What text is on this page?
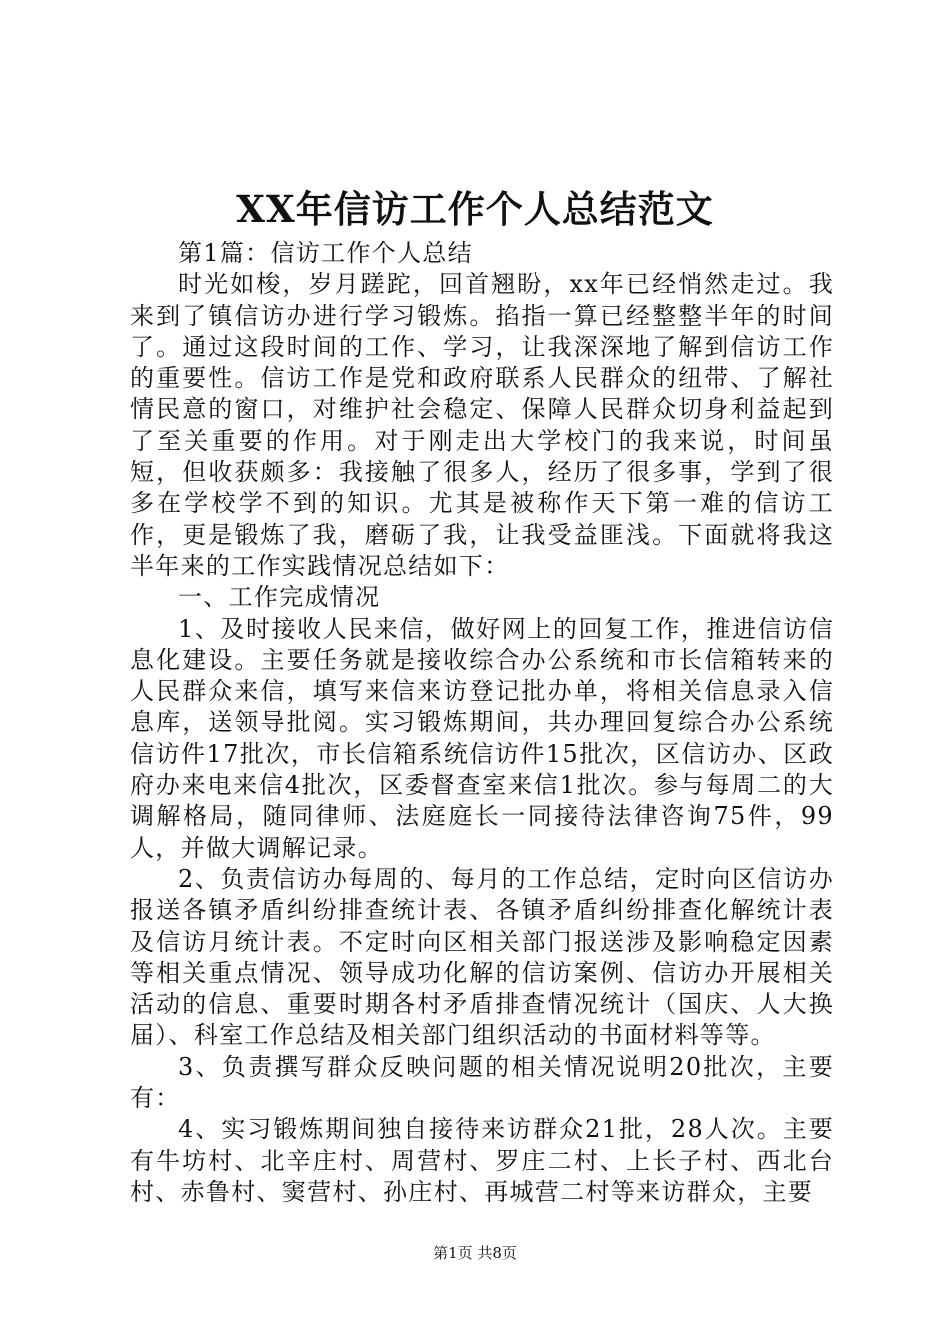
XX年信访工作个人总结范文

第1篇：信访工作个人总结

时光如梭，岁月蹉跎，回首翘盼，xx年已经悄然走过。我来到了镇信访办进行学习锻炼。掐指一算已经整整半年的时间了。通过这段时间的工作、学习，让我深深地了解到信访工作的重要性。信访工作是党和政府联系人民群众的纽带、了解社情民意的窗口，对维护社会稳定、保障人民群众切身利益起到了至关重要的作用。对于刚走出大学校门的我来说，时间虽短，但收获颇多：我接触了很多人，经历了很多事，学到了很多在学校学不到的知识。尤其是被称作天下第一难的信访工作，更是锻炼了我，磨砺了我，让我受益匪浅。下面就将我这半年来的工作实践情况总结如下：

一、工作完成情况

1、及时接收人民来信，做好网上的回复工作，推进信访信息化建设。主要任务就是接收综合办公系统和市长信箱转来的人民群众来信，填写来信来访登记批办单，将相关信息录入信息库，送领导批阅。实习锻炼期间，共办理回复综合办公系统信访件17批次，市长信箱系统信访件15批次，区信访办、区政府办来电来信4批次，区委督查室来信1批次。参与每周二的大调解格局，随同律师、法庭庭长一同接待法律咨询75件，99人，并做大调解记录。

2、负责信访办每周的、每月的工作总结，定时向区信访办报送各镇矛盾纠纷排查统计表、各镇矛盾纠纷排查化解统计表及信访月统计表。不定时向区相关部门报送涉及影响稳定因素等相关重点情况、领导成功化解的信访案例、信访办开展相关活动的信息、重要时期各村矛盾排查情况统计（国庆、人大换届）、科室工作总结及相关部门组织活动的书面材料等等。

3、负责撰写群众反映问题的相关情况说明20批次，主要有：

4、实习锻炼期间独自接待来访群众21批，28人次。主要有牛坊村、北辛庄村、周营村、罗庄二村、上长子村、西北台村、赤鲁村、窦营村、孙庄村、再城营二村等来访群众，主要

第1页 共8页
